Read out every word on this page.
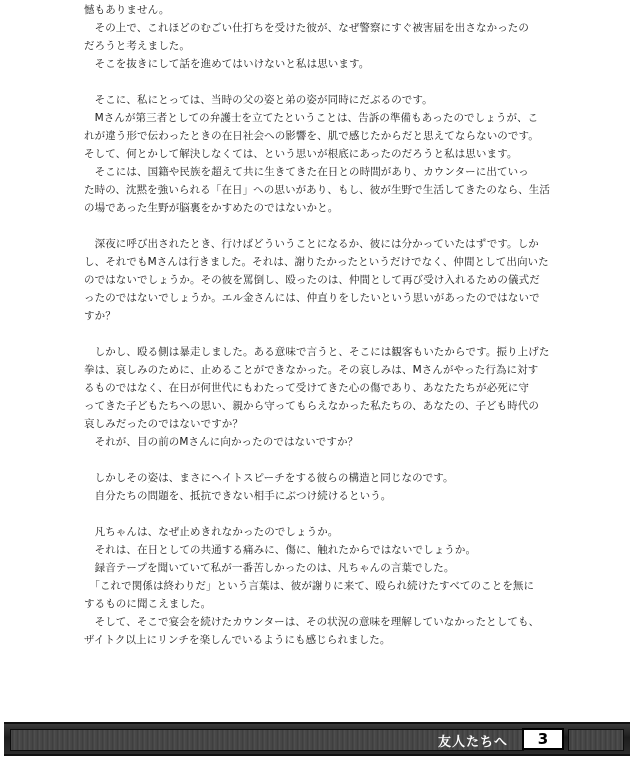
憾もありません。
　その上で、これほどのむごい仕打ちを受けた彼が、なぜ警察にすぐ被害届を出さなかったの
だろうと考えました。
　そこを抜きにして話を進めてはいけないと私は思います。
　そこに、私にとっては、当時の父の姿と弟の姿が同時にだぶるのです。
　Mさんが第三者としての弁護士を立てたということは、告訴の準備もあったのでしょうが、こ
れが違う形で伝わったときの在日社会への影響を、肌で感じたからだと思えてならないのです。
そして、何とかして解決しなくては、という思いが根底にあったのだろうと私は思います。
　そこには、国籍や民族を超えて共に生きてきた在日との時間があり、カウンターに出ていっ
た時の、沈黙を強いられる「在日」への思いがあり、もし、彼が生野で生活してきたのなら、生活
の場であった生野が脳裏をかすめたのではないかと。
　深夜に呼び出されたとき、行けばどういうことになるか、彼には分かっていたはずです。しか
し、それでもMさんは行きました。それは、謝りたかったというだけでなく、仲間として出向いた
のではないでしょうか。その彼を罵倒し、殴ったのは、仲間として再び受け入れるための儀式だ
ったのではないでしょうか。エル金さんには、仲直りをしたいという思いがあったのではないで
すか？
　しかし、殴る側は暴走しました。ある意味で言うと、そこには観客もいたからです。振り上げた
拳は、哀しみのために、止めることができなかった。その哀しみは、Mさんがやった行為に対す
るものではなく、在日が何世代にもわたって受けてきた心の傷であり、あなたたちが必死に守
ってきた子どもたちへの思い、親から守ってもらえなかった私たちの、あなたの、子ども時代の
哀しみだったのではないですか？
　それが、目の前のMさんに向かったのではないですか？
　しかしその姿は、まさにヘイトスピーチをする彼らの構造と同じなのです。
　自分たちの問題を、抵抗できない相手にぶつけ続けるという。
　凡ちゃんは、なぜ止めきれなかったのでしょうか。
　それは、在日としての共通する痛みに、傷に、触れたからではないでしょうか。
　録音テープを聞いていて私が一番苦しかったのは、凡ちゃんの言葉でした。
　「これで関係は終わりだ」という言葉は、彼が謝りに来て、殴られ続けたすべてのことを無に
するものに聞こえました。
　そして、そこで宴会を続けたカウンターは、その状況の意味を理解していなかったとしても、
ザイトク以上にリンチを楽しんでいるようにも感じられました。
友人たちへ	3
